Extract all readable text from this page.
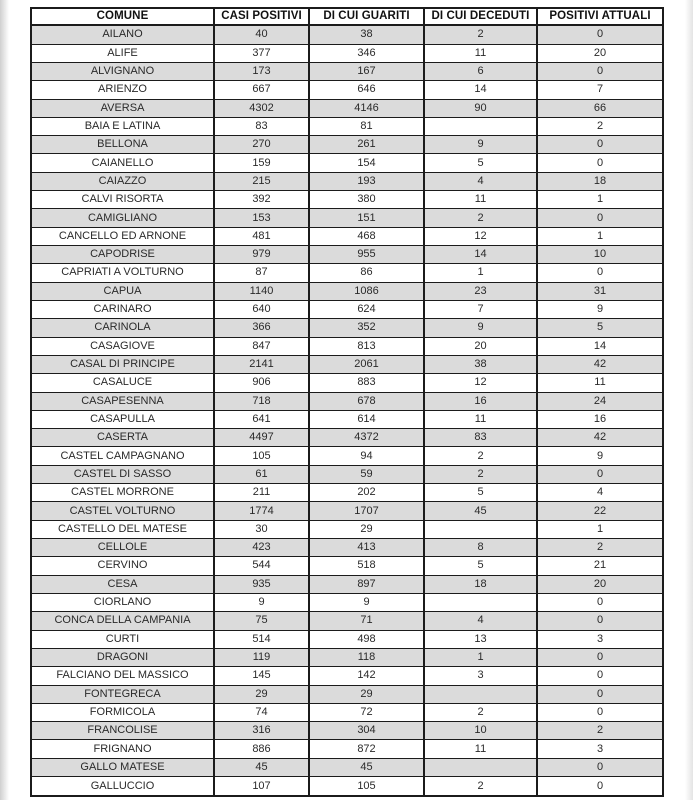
COMUNE	CASI POSITIVI	DI CUI GUARITI	DI CUI DECEDUTI	POSITIVI ATTUALI
AILANO	40	38	2	0
ALIFE	377	346	11	20
ALVIGNANO	173	167	6	0
ARIENZO	667	646	14	7
AVERSA	4302	4146	90	66
BAIA E LATINA	83	81		2
BELLONA	270	261	9	0
CAIANELLO	159	154	5	0
CAIAZZO	215	193	4	18
CALVI RISORTA	392	380	11	1
CAMIGLIANO	153	151	2	0
CANCELLO ED ARNONE	481	468	12	1
CAPODRISE	979	955	14	10
CAPRIATI A VOLTURNO	87	86	1	0
CAPUA	1140	1086	23	31
CARINARO	640	624	7	9
CARINOLA	366	352	9	5
CASAGIOVE	847	813	20	14
CASAL DI PRINCIPE	2141	2061	38	42
CASALUCE	906	883	12	11
CASAPESENNA	718	678	16	24
CASAPULLA	641	614	11	16
CASERTA	4497	4372	83	42
CASTEL CAMPAGNANO	105	94	2	9
CASTEL DI SASSO	61	59	2	0
CASTEL MORRONE	211	202	5	4
CASTEL VOLTURNO	1774	1707	45	22
CASTELLO DEL MATESE	30	29		1
CELLOLE	423	413	8	2
CERVINO	544	518	5	21
CESA	935	897	18	20
CIORLANO	9	9		0
CONCA DELLA CAMPANIA	75	71	4	0
CURTI	514	498	13	3
DRAGONI	119	118	1	0
FALCIANO DEL MASSICO	145	142	3	0
FONTEGRECA	29	29		0
FORMICOLA	74	72	2	0
FRANCOLISE	316	304	10	2
FRIGNANO	886	872	11	3
GALLO MATESE	45	45		0
GALLUCCIO	107	105	2	0
